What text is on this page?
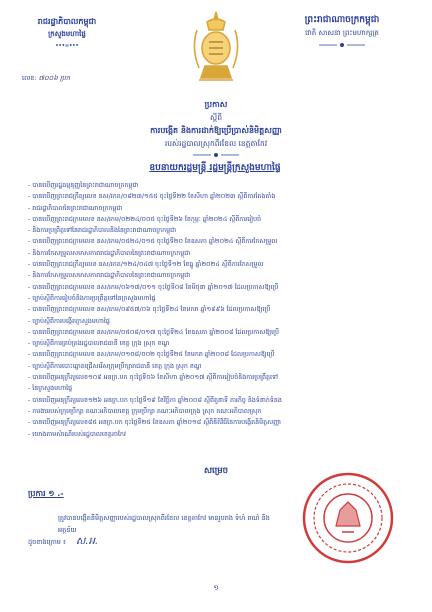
រាជរដ្ឋាភិបាលកម្ពុជា
ក្រសួងមហាផ្ទៃ
•••∞•••
លេខ: ៧០០៦ ប្រក
ព្រះរាជាណាចក្រកម្ពុជា
ជាតិ សាសនា ព្រះមហាក្សត្រ
ប្រកាស
ស្តីពី
ការបង្កើត និងការដាក់ឱ្យប្រើប្រាស់និមិត្តសញ្ញា
របស់រដ្ឋបាលស្រុកពីរខែល ខេត្តតាកែវ
ឧបនាយករដ្ឋមន្ត្រី រដ្ឋមន្ត្រីក្រសួងមហាផ្ទៃ
- បានឃើញរដ្ឋធម្មនុញ្ញនៃព្រះរាជាណាចក្រកម្ពុជា
- បានឃើញព្រះរាជក្រឹត្យលេខ នស/រកត/០៨២៣/១៥៥ ចុះថ្ងៃទី២២ ខែសីហា ឆ្នាំ២០២៣ ស្តីពីការតែងតាំង
- រាជរដ្ឋាភិបាលនៃព្រះរាជាណាចក្រកម្ពុជា
- បានឃើញព្រះរាជក្រមលេខ នស/រកម/០២២៤/០០៥ ចុះថ្ងៃទី២៦ ខែកុម្ភៈ ឆ្នាំ២០២៤ ស្តីពីការរៀបចំ
- និងការប្រព្រឹត្តទៅនៃរាជរដ្ឋាភិបាលនិងនៃព្រះរាជាណាចក្រកម្ពុជា
- បានឃើញព្រះរាជក្រមលេខ នស/រកម/០៥២៤/០១៥ ចុះថ្ងៃទី២០ ខែឧសភា ឆ្នាំ២០២៤ ស្តីពីការកែសម្រួល
- និងការកែសម្រួលសមាសភាពរាជរដ្ឋាភិបាលនៃព្រះរាជាណាចក្រកម្ពុជា
- បានឃើញព្រះរាជក្រឹត្យលេខ នស/រកត/១២៤/០៤៧ ចុះថ្ងៃទី១២ ខែធ្នូ ឆ្នាំ២០២៤ ស្តីពីការកែសម្រួល
- និងការកែសម្រួលសមាសភាពរាជរដ្ឋាភិបាលនៃព្រះរាជាណាចក្រកម្ពុជា
- បានឃើញព្រះរាជក្រមលេខ នស/រកម/០៦១៧/០១១ ចុះថ្ងៃទី០៨ ខែមិថុនា ឆ្នាំ២០១៧ ដែលប្រកាសឱ្យប្រើ
- ច្បាប់ស្តីពីការរៀបចំនិងការប្រព្រឹត្តទៅនៃក្រសួងមហាផ្ទៃ
- បានឃើញព្រះរាជក្រមលេខ នស/រកម/០៩៥៧/០៦ ចុះថ្ងៃទី២៤ ខែមករា ឆ្នាំ១៩៩៦ ដែលប្រកាសឱ្យប្រើ
- ច្បាប់ស្តីពីការបង្កើតក្រសួងមហាផ្ទៃ
- បានឃើញព្រះរាជក្រមលេខ នស/រកម/០៥០៨/០១៧ ចុះថ្ងៃទី២៤ ខែឧសភា ឆ្នាំ២០០៨ ដែលប្រកាសឱ្យប្រើ
- ច្បាប់ស្តីពីការគ្រប់គ្រងរដ្ឋបាលរាជធានី ខេត្ត ក្រុង ស្រុក ខណ្ឌ
- បានឃើញព្រះរាជក្រមលេខ នស/រកម/០១០៨/០០២ ចុះថ្ងៃទី២៥ ខែមករា ឆ្នាំ២០០៨ ដែលប្រកាសឱ្យប្រើ
- ច្បាប់ស្តីពីការបោះឆ្នោតជ្រើសរើសក្រុមប្រឹក្សារាជធានី ខេត្ត ក្រុង ស្រុក ខណ្ឌ
- បានឃើញអនុក្រឹត្យលេខ១០៩ អនក្រ.បក ចុះថ្ងៃទី០៦ ខែសីហា ឆ្នាំ២០១៧ ស្តីពីការរៀបចំនិងការប្រព្រឹត្តទៅ
- នៃក្រសួងមហាផ្ទៃ
- បានឃើញអនុក្រឹត្យលេខ១២៦ អនក្រ.បក ចុះថ្ងៃទី១៩ ខែវិច្ឆិកា ឆ្នាំ២០០៨ ស្តីពីតួនាទី ភារកិច្ច និងទំនាក់ទំនង
- ការងាររបស់ក្រុមប្រឹក្សា គណៈអភិបាលខេត្ត ក្រុមប្រឹក្សា គណៈអភិបាលក្រុង ស្រុក គណៈអភិបាលស្រុក
- បានឃើញអនុក្រឹត្យលេខ៨៥ អនក្រ.បក ចុះថ្ងៃទី២៥ ខែឧសភា ឆ្នាំ២០១៨ ស្តីពីនីតិវិធីនៃការបង្កើតនិមិត្តសញ្ញា
- យោងតាមសំណើរបស់រដ្ឋបាលខេត្តតាកែវ
សម្រេច
ប្រការ ១ .-
ត្រូវបានបង្កើតនិមិត្តសញ្ញារបស់រដ្ឋបាលស្រុកពីរខែល ខេត្តតាកែវ មានរូបរាង ទំហំ ពណ៌ និងអត្ថន័យ
ដូចខាងក្រោម ៖ ស.អ.
១
